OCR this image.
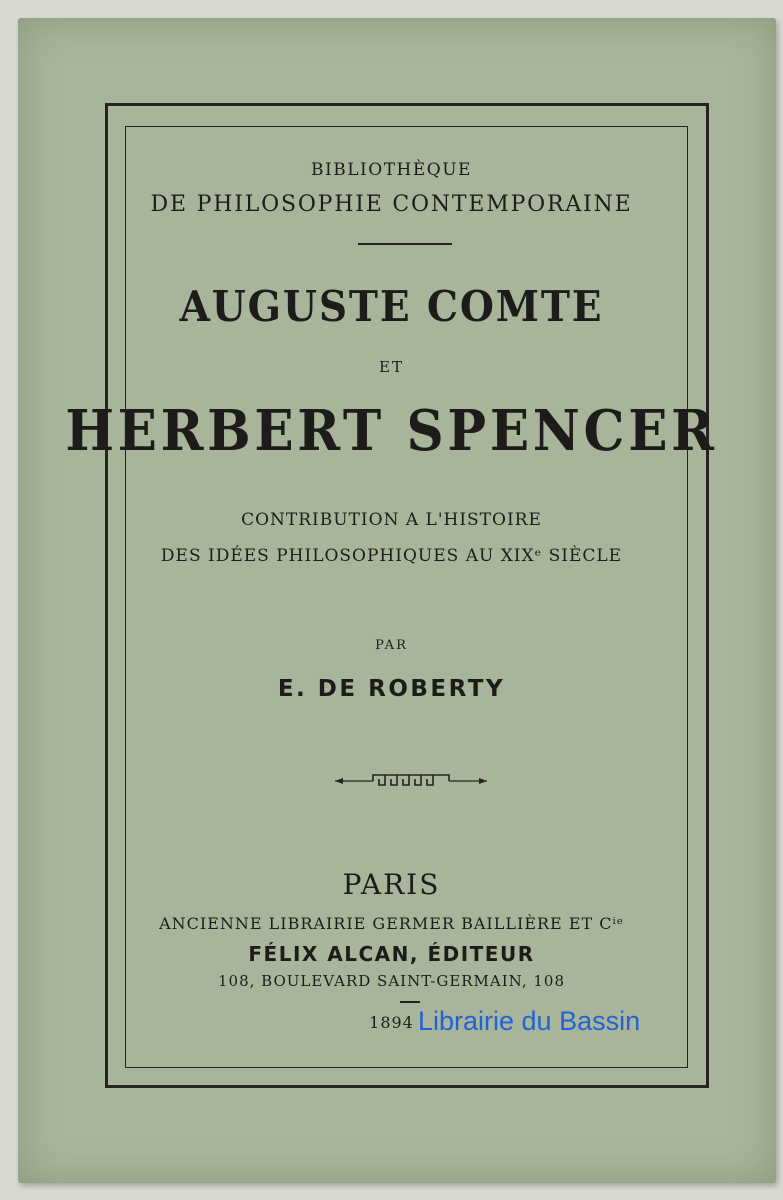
BIBLIOTHÈQUE
DE PHILOSOPHIE CONTEMPORAINE
AUGUSTE COMTE
ET
HERBERT SPENCER
CONTRIBUTION A L'HISTOIRE
DES IDÉES PHILOSOPHIQUES AU XIXᵉ SIÈCLE
PAR
E. DE ROBERTY
PARIS
ANCIENNE LIBRAIRIE GERMER BAILLIÈRE ET Cⁱᵉ
FÉLIX ALCAN, ÉDITEUR
108, BOULEVARD SAINT-GERMAIN, 108
1894 Librairie du Bassin
